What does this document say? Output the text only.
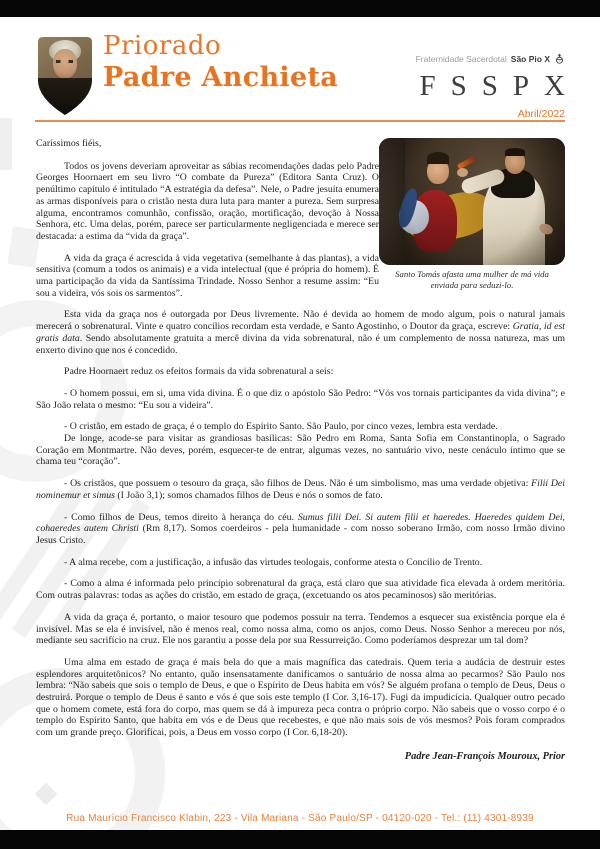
Priorado
Padre Anchieta
Fraternidade Sacerdotal São Pio X
FSSPX
Abril/2022
Santo Tomás afasta uma mulher de má vida enviada para seduzi-lo.

Caríssimos fiéis,

Todos os jovens deveriam aproveitar as sábias recomendações dadas pelo Padre Georges Hoornaert em seu livro “O combate da Pureza” (Editora Santa Cruz). O penúltimo capítulo é intitulado “A estratégia da defesa”. Nele, o Padre jesuíta enumera as armas disponíveis para o cristão nesta dura luta para manter a pureza. Sem surpresa alguma, encontramos comunhão, confissão, oração, mortificação, devoção à Nossa Senhora, etc. Uma delas, porém, parece ser particularmente negligenciada e merece ser destacada: a estima da “vida da graça”.

A vida da graça é acrescida à vida vegetativa (semelhante à das plantas), a vida sensitiva (comum a todos os animais) e a vida intelectual (que é própria do homem). É uma participação da vida da Santíssima Trindade. Nosso Senhor a resume assim: “Eu sou a videira, vós sois os sarmentos”.

Esta vida da graça nos é outorgada por Deus livremente. Não é devida ao homem de modo algum, pois o natural jamais merecerá o sobrenatural. Vinte e quatro concílios recordam esta verdade, e Santo Agostinho, o Doutor da graça, escreve: Gratia, id est gratis data. Sendo absolutamente gratuita a mercê divina da vida sobrenatural, não é um complemento de nossa natureza, mas um enxerto divino que nos é concedido.

Padre Hoornaert reduz os efeitos formais da vida sobrenatural a seis:

- O homem possui, em si, uma vida divina. É o que diz o apóstolo São Pedro: “Vós vos tornais participantes da vida divina”; e São João relata o mesmo: “Eu sou a videira”.

- O cristão, em estado de graça, é o templo do Espírito Santo. São Paulo, por cinco vezes, lembra esta verdade.

De longe, acode-se para visitar as grandiosas basílicas: São Pedro em Roma, Santa Sofia em Constantinopla, o Sagrado Coração em Montmartre. Não deves, porém, esquecer-te de entrar, algumas vezes, no santuário vivo, neste cenáculo íntimo que se chama teu “coração”.

- Os cristãos, que possuem o tesouro da graça, são filhos de Deus. Não é um simbolismo, mas uma verdade objetiva: Filii Dei nominemur et simus (I João 3,1); somos chamados filhos de Deus e nós o somos de fato.

- Como filhos de Deus, temos direito à herança do céu. Sumus filii Dei. Si autem filii et haeredes. Haeredes quidem Dei, cohaeredes autem Christi (Rm 8,17). Somos coerdeiros - pela humanidade - com nosso soberano Irmão, com nosso Irmão divino Jesus Cristo.

- A alma recebe, com a justificação, a infusão das virtudes teologais, conforme atesta o Concílio de Trento.

- Como a alma é informada pelo princípio sobrenatural da graça, está claro que sua atividade fica elevada à ordem meritória. Com outras palavras: todas as ações do cristão, em estado de graça, (excetuando os atos pecaminosos) são meritórias.

A vida da graça é, portanto, o maior tesouro que podemos possuir na terra. Tendemos a esquecer sua existência porque ela é invisível. Mas se ela é invisível, não é menos real, como nossa alma, como os anjos, como Deus. Nosso Senhor a mereceu por nós, mediante seu sacrifício na cruz. Ele nos garantiu a posse dela por sua Ressurreição. Como poderíamos desprezar um tal dom?

Uma alma em estado de graça é mais bela do que a mais magnífica das catedrais. Quem teria a audácia de destruir estes esplendores arquitetônicos? No entanto, quão insensatamente danificamos o santuário de nossa alma ao pecarmos? São Paulo nos lembra: “Não sabeis que sois o templo de Deus, e que o Espírito de Deus habita em vós? Se alguém profana o templo de Deus, Deus o destruirá. Porque o templo de Deus é santo e vós é que sois este templo (I Cor. 3,16-17). Fugi da impudicícia. Qualquer outro pecado que o homem comete, está fora do corpo, mas quem se dá à impureza peca contra o próprio corpo. Não sabeis que o vosso corpo é o templo do Espírito Santo, que habita em vós e de Deus que recebestes, e que não mais sois de vós mesmos? Pois foram comprados com um grande preço. Glorificai, pois, a Deus em vosso corpo (I Cor. 6,18-20).

Padre Jean-François Mouroux, Prior

Rua Maurício Francisco Klabin, 223 - Vila Mariana - São Paulo/SP - 04120-020 - Tel.: (11) 4301-8939
